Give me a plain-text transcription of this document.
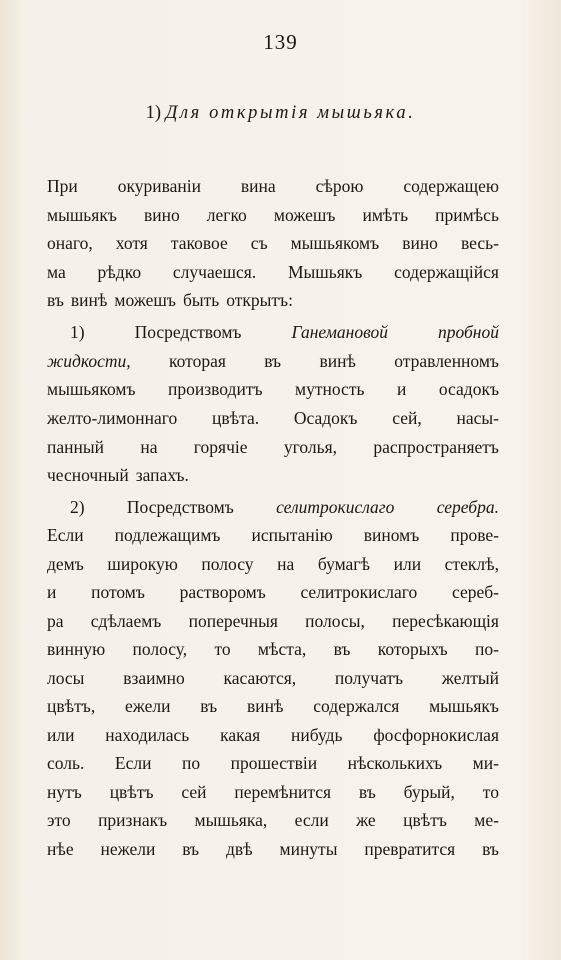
139
1) Для открытія мышьяка.
При окуриваніи вина сѣрою содержащею
мышьякъ вино легко можешъ имѣть примѣсь
онаго, хотя таковое съ мышьякомъ вино весь-
ма рѣдко случаешся. Мышьякъ содержащійся
въ винѣ можешъ быть открытъ:
1)	Посредствомъ	Ганемановой	пробной
жидкости, которая въ винѣ отравленномъ
мышьякомъ производитъ мутность и осадокъ
желто-лимоннаго цвѣта. Осадокъ сей, насы-
панный на горячіе уголья, распространяетъ
чесночный запахъ.
2) Посредствомъ селитрокислаго серебра.
Если подлежащимъ испытанію виномъ прове-
демъ широкую полосу на бумагѣ или стеклѣ,
и потомъ растворомъ селитрокислаго сереб-
ра сдѣлаемъ поперечныя полосы, пересѣкающія
винную полосу, то мѣста, въ которыхъ по-
лосы взаимно касаются, получатъ желтый
цвѣтъ, ежели въ винѣ содержался мышьякъ
или находилась какая нибудь фосфорнокислая
соль. Если по прошествіи нѣсколькихъ ми-
нутъ цвѣтъ сей перемѣнится въ бурый, то
это признакъ мышьяка, если же цвѣтъ ме-
нѣе нежели въ двѣ минуты превратится въ
